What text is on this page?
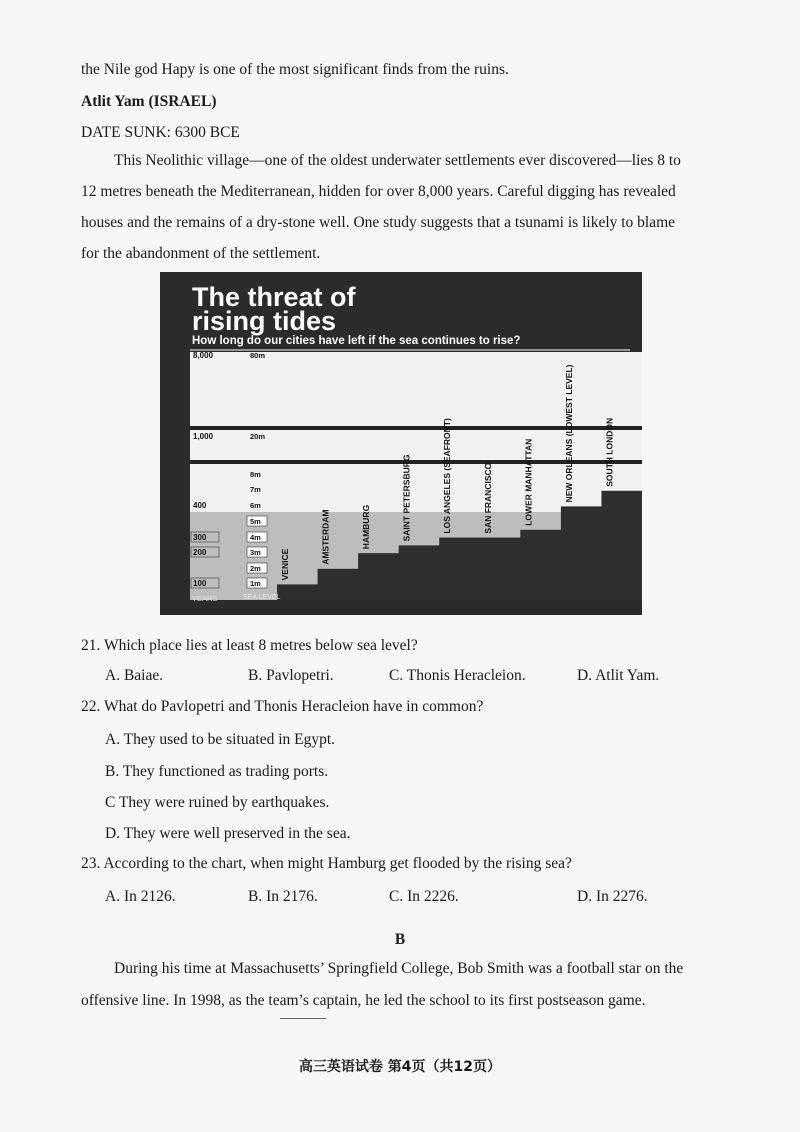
the Nile god Hapy is one of the most significant finds from the ruins.
Atlit Yam (ISRAEL)
DATE SUNK: 6300 BCE
This Neolithic village—one of the oldest underwater settlements ever discovered—lies 8 to
12 metres beneath the Mediterranean, hidden for over 8,000 years. Careful digging has revealed
houses and the remains of a dry-stone well. One study suggests that a tsunami is likely to blame
for the abandonment of the settlement.
The threat of
rising tides
How long do our cities have left if the sea continues to rise?
8,000
1,000
400
300
200
100
80m
20m
8m
7m
6m
5m
4m
3m
2m
1m
VENICE	AMSTERDAM	HAMBURG	SAINT PETERSBURG	LOS ANGELES (SEAFRONT)	SAN FRANCISCO	LOWER MANHATTAN	NEW ORLEANS (LOWEST LEVEL)	SOUTH LONDON
YEARS	SEA LEVEL
21. Which place lies at least 8 metres below sea level?
A. Baiae.	B. Pavlopetri.	C. Thonis Heracleion.	D. Atlit Yam.
22. What do Pavlopetri and Thonis Heracleion have in common?
A. They used to be situated in Egypt.
B. They functioned as trading ports.
C They were ruined by earthquakes.
D. They were well preserved in the sea.
23. According to the chart, when might Hamburg get flooded by the rising sea?
A. In 2126.	B. In 2176.	C. In 2226.	D. In 2276.
B
During his time at Massachusetts’ Springfield College, Bob Smith was a football star on the
offensive line. In 1998, as the team’s captain, he led the school to its first postseason game.
高三英语试卷 第4页（共12页）
